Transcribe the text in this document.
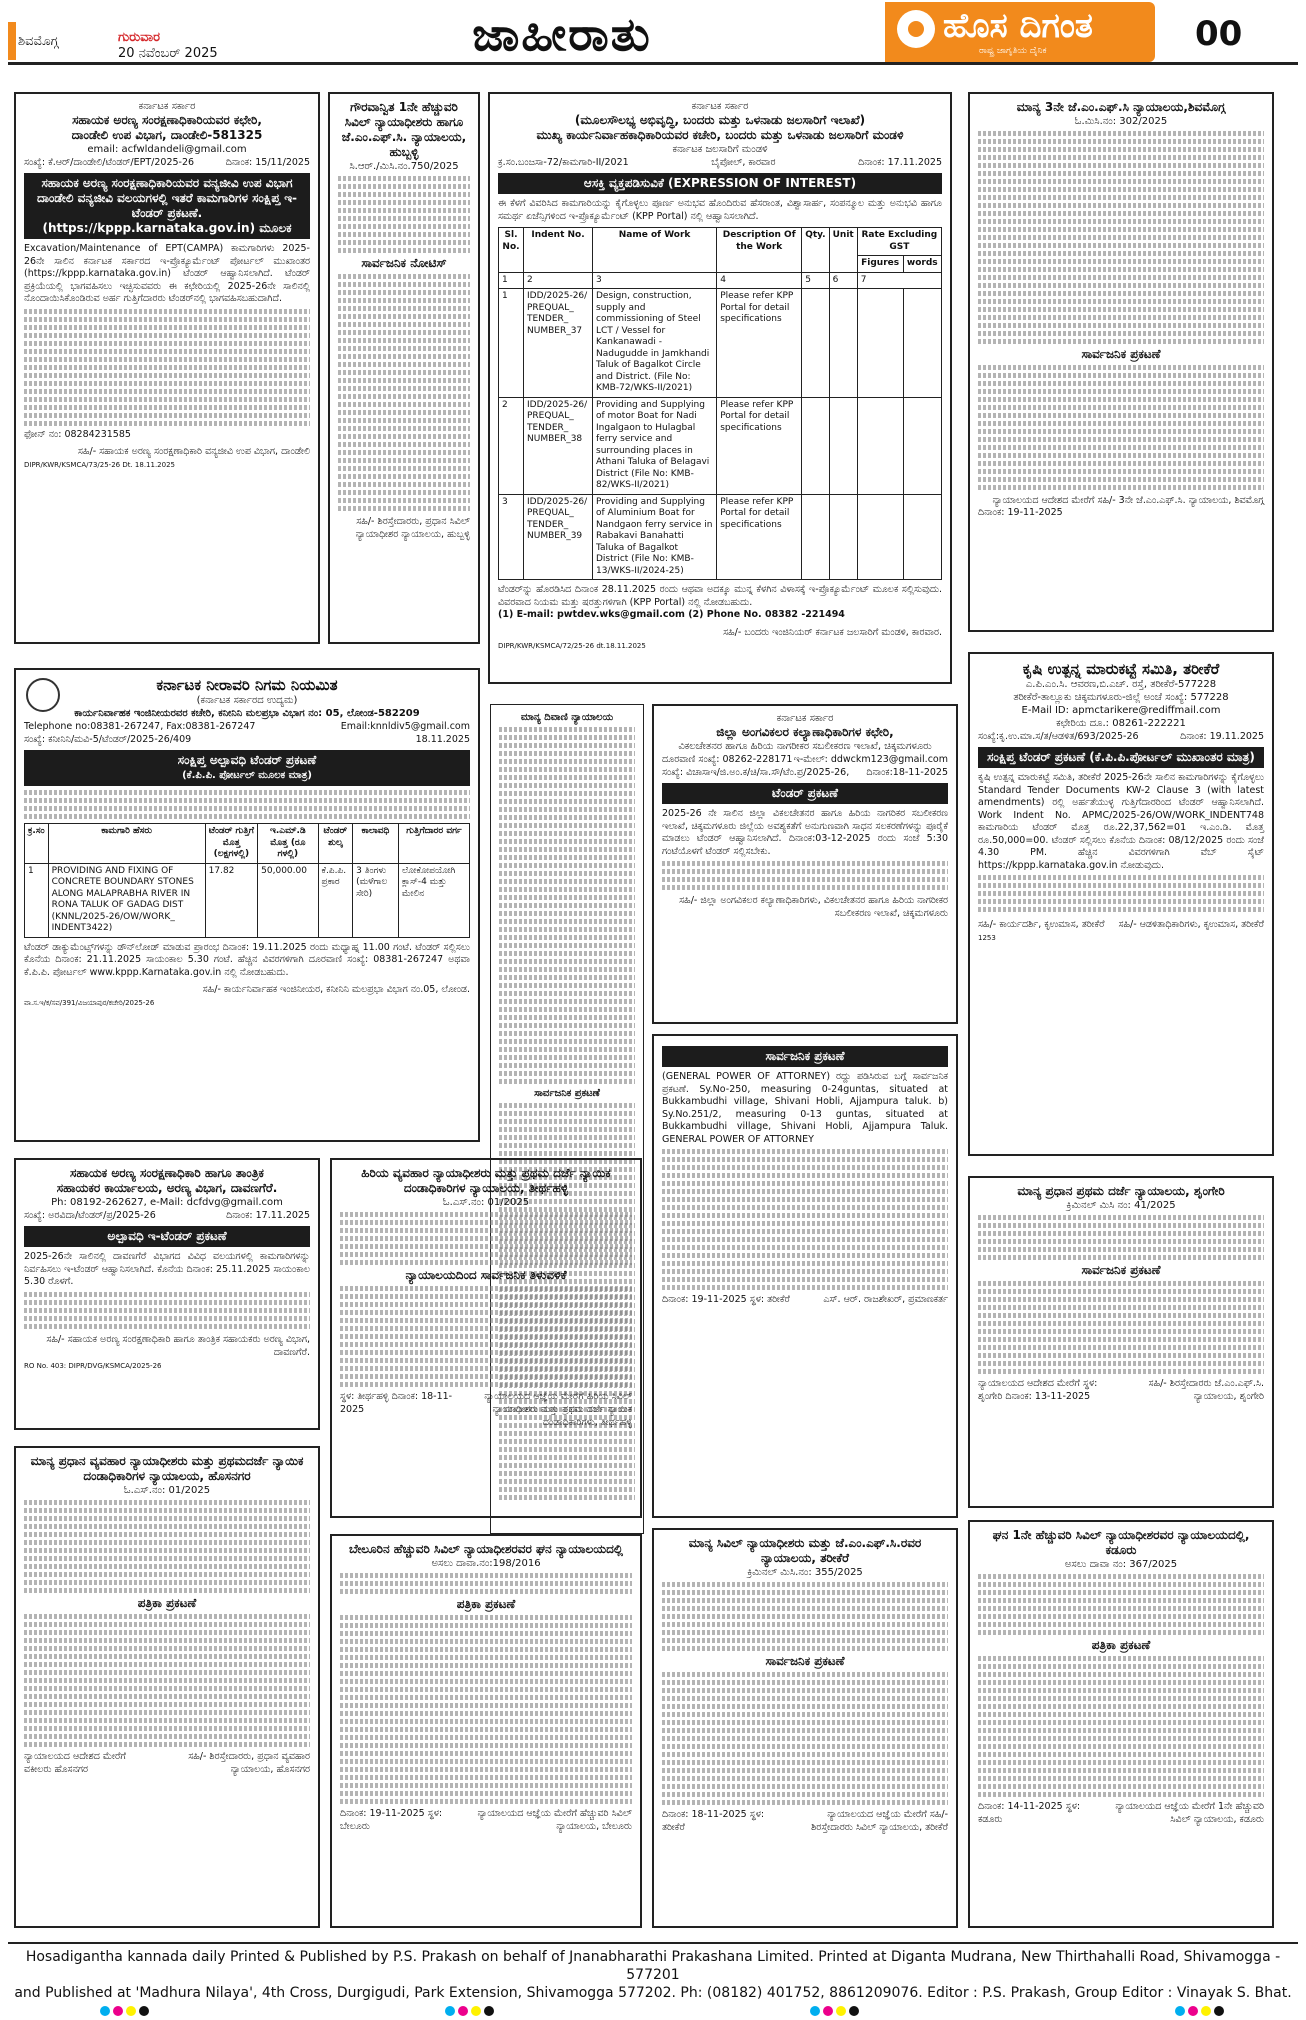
ಶಿವಮೊಗ್ಗ	ಗುರುವಾರ
20 ನವೆಂಬರ್ 2025	ಜಾಹೀರಾತು	ಹೊಸ ದಿಗಂತ
ರಾಷ್ಟ್ರ ಜಾಗೃತಿಯ ದೈನಿಕ	00
ಕರ್ನಾಟಕ ಸರ್ಕಾರ
ಸಹಾಯಕ ಅರಣ್ಯ ಸಂರಕ್ಷಣಾಧಿಕಾರಿಯವರ ಕಛೇರಿ,
ದಾಂಡೇಲಿ ಉಪ ವಿಭಾಗ, ದಾಂಡೇಲಿ-581325
email: acfwldandeli@gmail.com
ಸಂಖ್ಯೆ: ಕೆ.ಆರ್/ದಾಂಡೇಲಿ/ಟೆಂಡರ್/EPT/2025-26	ದಿನಾಂಕ: 15/11/2025
ಸಹಾಯಕ ಅರಣ್ಯ ಸಂರಕ್ಷಣಾಧಿಕಾರಿಯವರ ವನ್ಯಜೀವಿ ಉಪ ವಿಭಾಗ ದಾಂಡೇಲಿ ವನ್ಯಜೀವಿ ವಲಯಗಳಲ್ಲಿ ಇತರೆ ಕಾಮಗಾರಿಗಳ ಸಂಕ್ಷಿಪ್ತ ಇ-ಟೆಂಡರ್ ಪ್ರಕಟಣೆ. (https://kppp.karnataka.gov.in) ಮೂಲಕ
Excavation/Maintenance of EPT(CAMPA) ಕಾಮಗಾರಿಗಳು 2025-26ನೇ ಸಾಲಿನ ಕರ್ನಾಟಕ ಸರ್ಕಾರದ ಇ-ಪ್ರೊಕ್ಯೂರ್ಮೆಂಟ್ ಪೋರ್ಟಲ್ ಮುಖಾಂತರ (https://kppp.karnataka.gov.in) ಟೆಂಡರ್ ಆಹ್ವಾನಿಸಲಾಗಿದೆ. ಟೆಂಡರ್ ಪ್ರಕ್ರಿಯೆಯಲ್ಲಿ ಭಾಗವಹಿಸಲು ಇಚ್ಛಿಸುವವರು ಈ ಕಛೇರಿಯಲ್ಲಿ 2025-26ನೇ ಸಾಲಿನಲ್ಲಿ ನೊಂದಾಯಿಸಿಕೊಂಡಿರುವ ಅರ್ಹ ಗುತ್ತಿಗೆದಾರರು ಟೆಂಡರ್‌ನಲ್ಲಿ ಭಾಗವಹಿಸಬಹುದಾಗಿದೆ.
ಫೋನ್ ನಂ: 08284231585
ಸಹಿ/- ಸಹಾಯಕ ಅರಣ್ಯ ಸಂರಕ್ಷಣಾಧಿಕಾರಿ ವನ್ಯಜೀವಿ ಉಪ ವಿಭಾಗ, ದಾಂಡೇಲಿ
DIPR/KWR/KSMCA/73/25-26 Dt. 18.11.2025
ಗೌರವಾನ್ವಿತ 1ನೇ ಹೆಚ್ಚುವರಿ ಸಿವಿಲ್ ನ್ಯಾಯಾಧೀಶರು ಹಾಗೂ ಜೆ.ಎಂ.ಎಫ್.ಸಿ. ನ್ಯಾಯಾಲಯ, ಹುಬ್ಬಳ್ಳಿ
ಸಿ.ಆರ್./ಮಿಸಿ.ನಂ.750/2025
ಸಾರ್ವಜನಿಕ ನೋಟಿಸ್
ಸಹಿ/- ಶಿರಸ್ತೇದಾರರು, ಪ್ರಧಾನ ಸಿವಿಲ್ ನ್ಯಾಯಾಧೀಶರ ನ್ಯಾಯಾಲಯ, ಹುಬ್ಬಳ್ಳಿ
ಕರ್ನಾಟಕ ಸರ್ಕಾರ
(ಮೂಲಸೌಲಭ್ಯ ಅಭಿವೃದ್ಧಿ, ಬಂದರು ಮತ್ತು ಒಳನಾಡು ಜಲಸಾರಿಗೆ ಇಲಾಖೆ)
ಮುಖ್ಯ ಕಾರ್ಯನಿರ್ವಾಹಕಾಧಿಕಾರಿಯವರ ಕಚೇರಿ, ಬಂದರು ಮತ್ತು ಒಳನಾಡು ಜಲಸಾರಿಗೆ ಮಂಡಳಿ
ಕರ್ನಾಟಕ ಜಲಸಾರಿಗೆ ಮಂಡಳಿ
ಕ್ರ.ಸಂ.ಬಂಜಸಾ-72/ಕಾಮಗಾರಿ-II/2021	ಬೈಪೋಲ್, ಕಾರವಾರ	ದಿನಾಂಕ: 17.11.2025
ಆಸಕ್ತಿ ವ್ಯಕ್ತಪಡಿಸುವಿಕೆ (EXPRESSION OF INTEREST)
ಈ ಕೆಳಗೆ ವಿವರಿಸಿದ ಕಾಮಗಾರಿಯನ್ನು ಕೈಗೊಳ್ಳಲು ಪೂರ್ಣ ಅನುಭವ ಹೊಂದಿರುವ ಹೆಸರಾಂತ, ವಿಶ್ವಾಸಾರ್ಹ, ಸಂಪನ್ಮೂಲ ಮತ್ತು ಅನುಭವಿ ಹಾಗೂ ಸಮರ್ಥ ಏಜೆನ್ಸಿಗಳಿಂದ ಇ-ಪ್ರೊಕ್ಯೂರ್ಮೆಂಟ್ (KPP Portal) ನಲ್ಲಿ ಆಹ್ವಾನಿಸಲಾಗಿದೆ.
Sl. No.	Indent No.	Name of Work	Description Of the Work	Qty.	Unit	Rate Excluding GST	
						Figures	words
1	2	3	4	5	6	7	
1	IDD/2025-26/ PREQUAL_ TENDER_ NUMBER_37	Design, construction, supply and commissioning of Steel LCT / Vessel for Kankanawadi - Nadugudde in Jamkhandi Taluk of Bagalkot Circle and District. (File No: KMB-72/WKS-II/2021)	Please refer KPP Portal for detail specifications				
2	IDD/2025-26/ PREQUAL_ TENDER_ NUMBER_38	Providing and Supplying of motor Boat for Nadi Ingalgaon to Hulagbal ferry service and surrounding places in Athani Taluka of Belagavi District (File No: KMB-82/WKS-II/2021)	Please refer KPP Portal for detail specifications				
3	IDD/2025-26/ PREQUAL_ TENDER_ NUMBER_39	Providing and Supplying of Aluminium Boat for Nandgaon ferry service in Rabakavi Banahatti Taluka of Bagalkot District (File No: KMB-13/WKS-II/2024-25)	Please refer KPP Portal for detail specifications				
ಟೆಂಡರ್‌ನ್ನು ಹೊರಡಿಸಿದ ದಿನಾಂಕ 28.11.2025 ರಂದು ಆಥವಾ ಅದಕ್ಕೂ ಮುನ್ನ ಕೆಳಗಿನ ವಿಳಾಸಕ್ಕೆ ಇ-ಪ್ರೊಕ್ಯೂರ್ಮೆಂಟ್ ಮೂಲಕ ಸಲ್ಲಿಸುವುದು. ವಿವರವಾದ ನಿಯಮ ಮತ್ತು ಷರತ್ತುಗಳಿಗಾಗಿ (KPP Portal) ನಲ್ಲಿ ನೋಡಬಹುದು.
(1) E-mail: pwtdev.wks@gmail.com (2) Phone No. 08382 -221494
ಸಹಿ/- ಬಂದರು ಇಂಜಿನಿಯರ್ ಕರ್ನಾಟಕ ಜಲಸಾರಿಗೆ ಮಂಡಳಿ, ಕಾರವಾರ.
DIPR/KWR/KSMCA/72/25-26 dt.18.11.2025
ಮಾನ್ಯ 3ನೇ ಜೆ.ಎಂ.ಎಫ್.ಸಿ ನ್ಯಾಯಾಲಯ,ಶಿವಮೊಗ್ಗ
ಓ.ಮಿಸಿ.ನಂ: 302/2025
ಸಾರ್ವಜನಿಕ ಪ್ರಕಟಣೆ
ನ್ಯಾಯಾಲಯದ ಆದೇಶದ ಮೇರೆಗೆ ಸಹಿ/- 3ನೇ ಜೆ.ಎಂ.ಎಫ್.ಸಿ. ನ್ಯಾಯಾಲಯ, ಶಿವಮೊಗ್ಗ
ದಿನಾಂಕ: 19-11-2025
ಕರ್ನಾಟಕ ನೀರಾವರಿ ನಿಗಮ ನಿಯಮಿತ
(ಕರ್ನಾಟಕ ಸರ್ಕಾರದ ಉದ್ಯಮ)
ಕಾರ್ಯನಿರ್ವಾಹಕ ಇಂಜಿನೀಯರವರ ಕಚೇರಿ, ಕನೀನಿನಿ ಮಲಪ್ರಭಾ ವಿಭಾಗ ನಂ: 05, ಲೋಂಡ-582209
Telephone no:08381-267247, Fax:08381-267247	Email:knnldiv5@gmail.com
ಸಂಖ್ಯೆ: ಕನೀನಿನಿ/ಮವಿ-5/ಟೆಂಡರ್/2025-26/409	18.11.2025
ಸಂಕ್ಷಿಪ್ತ ಅಲ್ಪಾವಧಿ ಟೆಂಡರ್ ಪ್ರಕಟಣೆ
(ಕೆ.ಪಿ.ಪಿ. ಪೋರ್ಟಲ್ ಮೂಲಕ ಮಾತ್ರ)
ಕ್ರ.ಸಂ	ಕಾಮಗಾರಿ ಹೆಸರು	ಟೆಂಡರ್ ಗುತ್ತಿಗೆ ಮೊತ್ತ (ಲಕ್ಷಗಳಲ್ಲಿ)	ಇ.ಎಮ್.ಡಿ ಮೊತ್ತ (ರೂ ಗಳಲ್ಲಿ)	ಟೆಂಡರ್ ಶುಲ್ಕ	ಕಾಲಾವಧಿ	ಗುತ್ತಿಗೆದಾರರ ವರ್ಗ
1	PROVIDING AND FIXING OF CONCRETE BOUNDARY STONES ALONG MALAPRABHA RIVER IN RONA TALUK OF GADAG DIST (KNNL/2025-26/OW/WORK_ INDENT3422)	17.82	50,000.00	ಕೆ.ಪಿ.ಪಿ. ಪ್ರಕಾರ	3 ತಿಂಗಳು (ಮಳೆಗಾಲ ಸೇರಿ)	ಲೋಕೋಪಯೋಗಿ ಕ್ಲಾಸ್-4 ಮತ್ತು ಮೇಲಿನ
ಟೆಂಡರ್ ಡಾಕ್ಯುಮೆಂಟ್ಸ್‌ಗಳನ್ನು ಡೌನ್‌ಲೋಡ್ ಮಾಡುವ ಪ್ರಾರಂಭ ದಿನಾಂಕ: 19.11.2025 ರಂದು ಮಧ್ಯಾಹ್ನ 11.00 ಗಂಟೆ. ಟೆಂಡರ್ ಸಲ್ಲಿಸಲು ಕೊನೆಯ ದಿನಾಂಕ: 21.11.2025 ಸಾಯಂಕಾಲ 5.30 ಗಂಟೆ. ಹೆಚ್ಚಿನ ವಿವರಗಳಿಗಾಗಿ ದೂರವಾಣಿ ಸಂಖ್ಯೆ: 08381-267247 ಅಥವಾ ಕೆ.ಪಿ.ಪಿ. ಪೋರ್ಟಲ್ www.kppp.Karnataka.gov.in ನಲ್ಲಿ ನೋಡಬಹುದು.
ಸಹಿ/- ಕಾರ್ಯನಿರ್ವಾಹಕ ಇಂಜಿನೀಯರ, ಕನೀನಿನಿ ಮಲಪ್ರಭಾ ವಿಭಾಗ ನಂ.05, ಲೋಂಡ.
ವಾ.ಸ.ಇ/ಕ/ಸವ/391/ವಿಜಯಾಪುರ/ಕಚೇರಿ/2025-26
ಮಾನ್ಯ ದಿವಾಣಿ ನ್ಯಾಯಾಲಯ
ಸಾರ್ವಜನಿಕ ಪ್ರಕಟಣೆ
ಕರ್ನಾಟಕ ಸರ್ಕಾರ
ಜಿಲ್ಲಾ ಅಂಗವಿಕಲರ ಕಲ್ಯಾಣಾಧಿಕಾರಿಗಳ ಕಛೇರಿ,
ವಿಕಲಚೇತನರ ಹಾಗೂ ಹಿರಿಯ ನಾಗರೀಕರ ಸಬಲೀಕರಣ ಇಲಾಖೆ, ಚಿಕ್ಕಮಗಳೂರು
ದೂರವಾಣಿ ಸಂಖ್ಯೆ: 08262-228171 ಇ-ಮೇಲ್: ddwckm123@gmail.com
ಸಂಖ್ಯೆ: ವಿಚಾಸಾಇ/ಜಿ.ಅಂ.ಕ/ಚಿ/ಸಾ.ಸೌ/ಟೆಂ.ಪ್ರ/2025-26, ದಿನಾಂಕ:18-11-2025
ಟೆಂಡರ್ ಪ್ರಕಟಣೆ
2025-26 ನೇ ಸಾಲಿನ ಜಿಲ್ಲಾ ವಿಕಲಚೇತನರ ಹಾಗೂ ಹಿರಿಯ ನಾಗರಿಕರ ಸಬಲೀಕರಣ ಇಲಾಖೆ, ಚಿಕ್ಕಮಗಳೂರು ಜಿಲ್ಲೆಯ ಅವಶ್ಯಕತೆಗೆ ಅನುಗುಣವಾಗಿ ಸಾಧನ ಸಲಕರಣೆಗಳನ್ನು ಪೂರೈಕೆ ಮಾಡಲು ಟೆಂಡರ್ ಆಹ್ವಾನಿಸಲಾಗಿದೆ. ದಿನಾಂಕ:03-12-2025 ರಂದು ಸಂಜೆ 5:30 ಗಂಟೆಯೊಳಗೆ ಟೆಂಡರ್ ಸಲ್ಲಿಸಬೇಕು.
ಸಹಿ/- ಜಿಲ್ಲಾ ಅಂಗವಿಕಲರ ಕಲ್ಯಾಣಾಧಿಕಾರಿಗಳು, ವಿಕಲಚೇತನರ ಹಾಗೂ ಹಿರಿಯ ನಾಗರೀಕರ ಸಬಲೀಕರಣ ಇಲಾಖೆ, ಚಿಕ್ಕಮಗಳೂರು
ಕೃಷಿ ಉತ್ಪನ್ನ ಮಾರುಕಟ್ಟೆ ಸಮಿತಿ, ತರೀಕೆರೆ
ಎ.ಪಿ.ಎಂ.ಸಿ. ಆವರಣ,ಬಿ.ಎಚ್. ರಸ್ತೆ, ತರೀಕೆರೆ-577228
ತರೀಕೆರೆ-ತಾಲ್ಲೂಕು ಚಿಕ್ಕಮಗಳೂರು-ಜಿಲ್ಲೆ ಅಂಚೆ ಸಂಖ್ಯೆ: 577228
E-Mail ID: apmctarikere@rediffmail.com
ಕಛೇರಿಯ ದೂ.: 08261-222221
ಸಂಖ್ಯೆ:ಕೃ.ಉ.ಮಾ.ಸ/ತ/ಆಡಳಿತ/693/2025-26	ದಿನಾಂಕ: 19.11.2025
ಸಂಕ್ಷಿಪ್ತ ಟೆಂಡರ್ ಪ್ರಕಟಣೆ (ಕೆ.ಪಿ.ಪಿ.ಪೋರ್ಟಲ್ ಮುಖಾಂತರ ಮಾತ್ರ)
ಕೃಷಿ ಉತ್ಪನ್ನ ಮಾರುಕಟ್ಟೆ ಸಮಿತಿ, ತರೀಕೆರೆ 2025-26ನೇ ಸಾಲಿನ ಕಾಮಗಾರಿಗಳನ್ನು ಕೈಗೊಳ್ಳಲು Standard Tender Documents KW-2 Clause 3 (with latest amendments) ರಲ್ಲಿ ಅರ್ಹತೆಯುಳ್ಳ ಗುತ್ತಿಗೆದಾರರಿಂದ ಟೆಂಡರ್ ಆಹ್ವಾನಿಸಲಾಗಿದೆ. Work Indent No. APMC/2025-26/OW/WORK_INDENT748 ಕಾಮಗಾರಿಯ ಟೆಂಡರ್ ಮೊತ್ತ ರೂ.22,37,562=01 ಇ.ಎಂ.ಡಿ. ಮೊತ್ತ ರೂ.50,000=00. ಟೆಂಡರ್ ಸಲ್ಲಿಸಲು ಕೊನೆಯ ದಿನಾಂಕ: 08/12/2025 ರಂದು ಸಂಜೆ 4.30 PM. ಹೆಚ್ಚಿನ ವಿವರಗಳಿಗಾಗಿ ವೆಬ್ ಸೈಟ್ https://kppp.karnataka.gov.in ನೋಡುವುದು.
ಸಹಿ/- ಕಾರ್ಯದರ್ಶಿ, ಕೃಉಮಾಸ, ತರೀಕೆರೆ ಸಹಿ/- ಆಡಳಿತಾಧಿಕಾರಿಗಳು, ಕೃಉಮಾಸ, ತರೀಕೆರೆ
1253
ಸಹಾಯಕ ಅರಣ್ಯ ಸಂರಕ್ಷಣಾಧಿಕಾರಿ ಹಾಗೂ ತಾಂತ್ರಿಕ
ಸಹಾಯಕರ ಕಾರ್ಯಾಲಯ, ಅರಣ್ಯ ವಿಭಾಗ, ದಾವಣಗೆರೆ.
Ph: 08192-262627, e-Mail: dcfdvg@gmail.com
ಸಂಖ್ಯೆ: ಅರವಿದಾ/ಟೆಂಡರ್/ಪ್ರ/2025-26	ದಿನಾಂಕ: 17.11.2025
ಅಲ್ಪಾವಧಿ ಇ-ಟೆಂಡರ್ ಪ್ರಕಟಣೆ
2025-26ನೇ ಸಾಲಿನಲ್ಲಿ ದಾವಣಗೆರೆ ವಿಭಾಗದ ವಿವಿಧ ವಲಯಗಳಲ್ಲಿ ಕಾಮಗಾರಿಗಳನ್ನು ನಿರ್ವಹಿಸಲು ಇ-ಟೆಂಡರ್ ಆಹ್ವಾನಿಸಲಾಗಿದೆ. ಕೊನೆಯ ದಿನಾಂಕ: 25.11.2025 ಸಾಯಂಕಾಲ 5.30 ರೊಳಗೆ.
ಸಹಿ/- ಸಹಾಯಕ ಅರಣ್ಯ ಸಂರಕ್ಷಣಾಧಿಕಾರಿ ಹಾಗೂ ತಾಂತ್ರಿಕ ಸಹಾಯಕರು ಅರಣ್ಯ ವಿಭಾಗ, ದಾವಣಗೆರೆ.
RO No. 403: DIPR/DVG/KSMCA/2025-26
ಹಿರಿಯ ವ್ಯವಹಾರ ನ್ಯಾಯಾಧೀಶರು ಮತ್ತು ಪ್ರಥಮ ದರ್ಜೆ ನ್ಯಾಯಿಕ ದಂಡಾಧಿಕಾರಿಗಳ ನ್ಯಾಯಾಲಯ, ತೀರ್ಥಹಳ್ಳಿ
ಓ.ಎಸ್.ನಂ: 01/2025
ನ್ಯಾಯಾಲಯದಿಂದ ಸಾರ್ವಜನಿಕ ತಿಳುವಳಿಕೆ
ಸ್ಥಳ: ತೀರ್ಥಹಳ್ಳಿ ದಿನಾಂಕ: 18-11-2025
ನ್ಯಾಯಾಲಯದ ಆಜ್ಞೆಯ ಮೇರೆಗೆ ಹಿರಿಯ ಸಿವಿಲ್ ನ್ಯಾಯಾಧೀಶರು ಮತ್ತು ಪ್ರಥಮ ದರ್ಜೆ ನ್ಯಾಯಿಕ ದಂಡಾಧಿಕಾರಿಗಳು, ತೀರ್ಥಹಳ್ಳಿ
ಸಾರ್ವಜನಿಕ ಪ್ರಕಟಣೆ
(GENERAL POWER OF ATTORNEY) ರದ್ದು ಪಡಿಸಿರುವ ಬಗ್ಗೆ ಸಾರ್ವಜನಿಕ ಪ್ರಕಟಣೆ. Sy.No-250, measuring 0-24guntas, situated at Bukkambudhi village, Shivani Hobli, Ajjampura taluk. b) Sy.No.251/2, measuring 0-13 guntas, situated at Bukkambudhi village, Shivani Hobli, Ajjampura Taluk. GENERAL POWER OF ATTORNEY
ದಿನಾಂಕ: 19-11-2025 ಸ್ಥಳ: ತರೀಕೆರೆ	ಎಸ್. ಆರ್. ರಾಜಶೇಖರ್, ಪ್ರಮಾಣಕರ್ತ
ಮಾನ್ಯ ಪ್ರಧಾನ ಪ್ರಥಮ ದರ್ಜೆ ನ್ಯಾಯಾಲಯ, ಶೃಂಗೇರಿ
ಕ್ರಿಮಿನಲ್ ಮಿಸಿ ನಂ: 41/2025
ಸಾರ್ವಜನಿಕ ಪ್ರಕಟಣೆ
ನ್ಯಾಯಾಲಯದ ಆದೇಶದ ಮೇರೆಗೆ ಸ್ಥಳ: ಶೃಂಗೇರಿ ದಿನಾಂಕ: 13-11-2025
ಸಹಿ/- ಶಿರಸ್ತೇದಾರರು ಜೆ.ಎಂ.ಎಫ್.ಸಿ. ನ್ಯಾಯಾಲಯ, ಶೃಂಗೇರಿ
ಮಾನ್ಯ ಪ್ರಧಾನ ವ್ಯವಹಾರ ನ್ಯಾಯಾಧೀಶರು ಮತ್ತು ಪ್ರಥಮದರ್ಜೆ ನ್ಯಾಯಿಕ ದಂಡಾಧಿಕಾರಿಗಳ ನ್ಯಾಯಾಲಯ, ಹೊಸನಗರ
ಓ.ಎಸ್.ನಂ: 01/2025
ಪತ್ರಿಕಾ ಪ್ರಕಟಣೆ
ನ್ಯಾಯಾಲಯದ ಆದೇಶದ ಮೇರೆಗೆ ವಕೀಲರು ಹೊಸನಗರ
ಸಹಿ/- ಶಿರಸ್ತೇದಾರರು, ಪ್ರಧಾನ ವ್ಯವಹಾರ ನ್ಯಾಯಾಲಯ, ಹೊಸನಗರ
ಬೇಲೂರಿನ ಹೆಚ್ಚುವರಿ ಸಿವಿಲ್ ನ್ಯಾಯಾಧೀಶರವರ ಘನ ನ್ಯಾಯಾಲಯದಲ್ಲಿ
ಅಸಲು ದಾವಾ.ನಂ:198/2016
ಪತ್ರಿಕಾ ಪ್ರಕಟಣೆ
ದಿನಾಂಕ: 19-11-2025 ಸ್ಥಳ: ಬೇಲೂರು
ನ್ಯಾಯಾಲಯದ ಆಜ್ಞೆಯ ಮೇರೆಗೆ ಹೆಚ್ಚುವರಿ ಸಿವಿಲ್ ನ್ಯಾಯಾಲಯ, ಬೇಲೂರು
ಮಾನ್ಯ ಸಿವಿಲ್ ನ್ಯಾಯಾಧೀಶರು ಮತ್ತು ಜೆ.ಎಂ.ಎಫ್.ಸಿ.ರವರ ನ್ಯಾಯಾಲಯ, ತರೀಕೆರೆ
ಕ್ರಿಮಿನಲ್ ಮಿಸಿ.ನಂ: 355/2025
ಸಾರ್ವಜನಿಕ ಪ್ರಕಟಣೆ
ದಿನಾಂಕ: 18-11-2025 ಸ್ಥಳ: ತರೀಕೆರೆ
ನ್ಯಾಯಾಲಯದ ಆಜ್ಞೆಯ ಮೇರೆಗೆ ಸಹಿ/- ಶಿರಸ್ತೇದಾರರು ಸಿವಿಲ್ ನ್ಯಾಯಾಲಯ, ತರೀಕೆರೆ
ಘನ 1ನೇ ಹೆಚ್ಚುವರಿ ಸಿವಿಲ್ ನ್ಯಾಯಾಧೀಶರವರ ನ್ಯಾಯಾಲಯದಲ್ಲಿ, ಕಡೂರು
ಅಸಲು ದಾವಾ ನಂ: 367/2025
ಪತ್ರಿಕಾ ಪ್ರಕಟಣೆ
ದಿನಾಂಕ: 14-11-2025 ಸ್ಥಳ: ಕಡೂರು
ನ್ಯಾಯಾಲಯದ ಆಜ್ಞೆಯ ಮೇರೆಗೆ 1ನೇ ಹೆಚ್ಚುವರಿ ಸಿವಿಲ್ ನ್ಯಾಯಾಲಯ, ಕಡೂರು
Hosadigantha kannada daily Printed & Published by P.S. Prakash on behalf of Jnanabharathi Prakashana Limited. Printed at Diganta Mudrana, New Thirthahalli Road, Shivamogga - 577201
and Published at 'Madhura Nilaya', 4th Cross, Durgigudi, Park Extension, Shivamogga 577202. Ph: (08182) 401752, 8861209076. Editor : P.S. Prakash, Group Editor : Vinayak S. Bhat.
